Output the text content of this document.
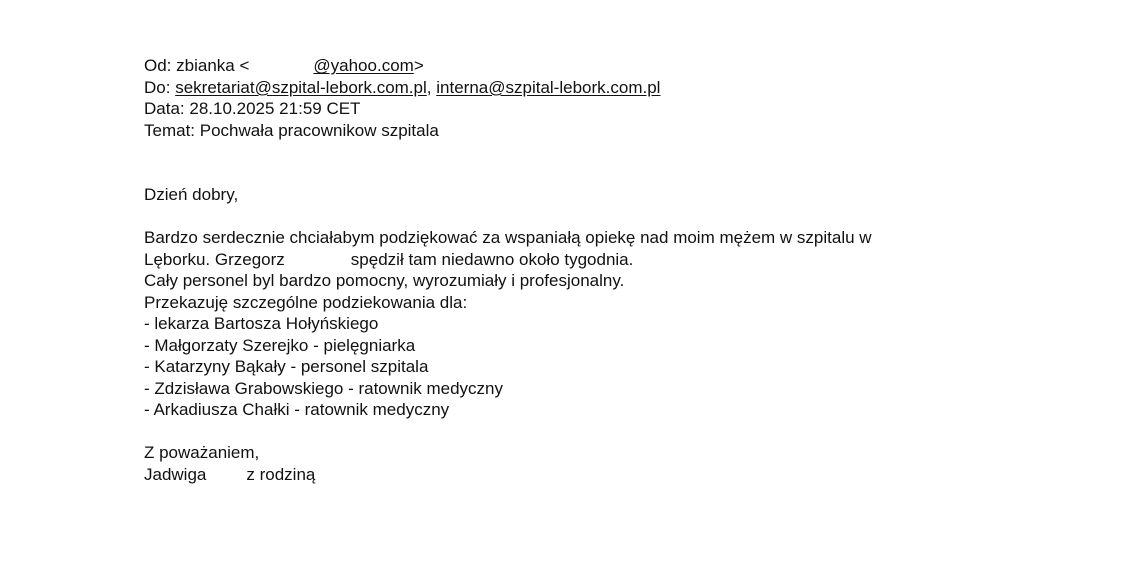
Od: zbianka <	@yahoo.com>
Do: sekretariat@szpital-lebork.com.pl, interna@szpital-lebork.com.pl
Data: 28.10.2025 21:59 CET
Temat: Pochwała pracownikow szpitala
Dzień dobry,
Bardzo serdecznie chciałabym podziękować za wspaniałą opiekę nad moim mężem w szpitalu w
Lęborku. Grzegorz	spędził tam niedawno około tygodnia.
Cały personel byl bardzo pomocny, wyrozumiały i profesjonalny.
Przekazuję szczególne podziekowania dla:
- lekarza Bartosza Hołyńskiego
- Małgorzaty Szerejko - pielęgniarka
- Katarzyny Bąkały - personel szpitala
- Zdzisława Grabowskiego - ratownik medyczny
- Arkadiusza Chałki - ratownik medyczny
Z poważaniem,
Jadwiga z rodziną
